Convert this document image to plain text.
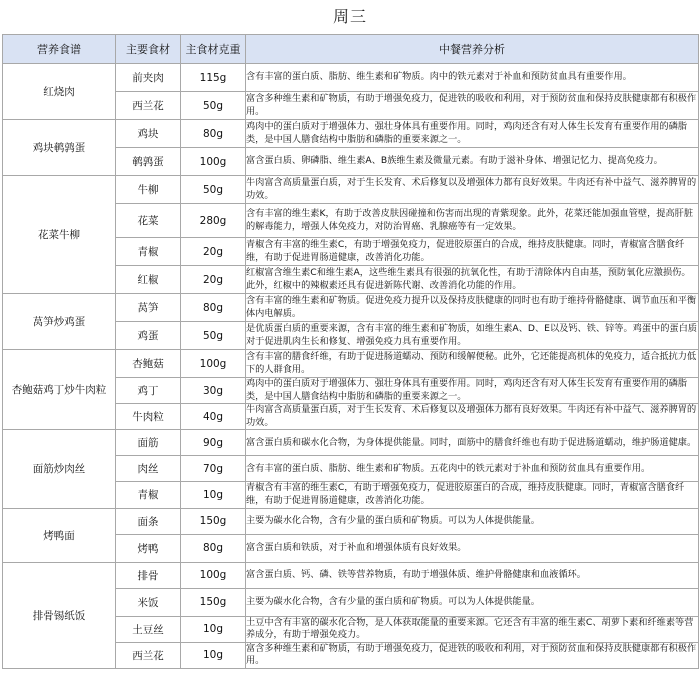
周三
营养食谱	主要食材	主食材克重	中餐营养分析
红烧肉	前夹肉	115g	含有丰富的蛋白质、脂肪、维生素和矿物质。肉中的铁元素对于补血和预防贫血具有重要作用。
	西兰花	50g	富含多种维生素和矿物质，有助于增强免疫力，促进铁的吸收和利用，对于预防贫血和保持皮肤健康都有积极作用。
鸡块鹌鹑蛋	鸡块	80g	鸡肉中的蛋白质对于增强体力、强壮身体具有重要作用。同时，鸡肉还含有对人体生长发育有重要作用的磷脂类，是中国人膳食结构中脂肪和磷脂的重要来源之一。
	鹌鹑蛋	100g	富含蛋白质、卵磷脂、维生素A、B族维生素及微量元素。有助于滋补身体、增强记忆力、提高免疫力。
花菜牛柳	牛柳	50g	牛肉富含高质量蛋白质，对于生长发育、术后修复以及增强体力都有良好效果。牛肉还有补中益气、滋养脾胃的功效。
	花菜	280g	含有丰富的维生素K，有助于改善皮肤因碰撞和伤害而出现的青紫现象。此外，花菜还能加强血管壁，提高肝脏的解毒能力，增强人体免疫力，对防治胃癌、乳腺癌等有一定效果。
	青椒	20g	青椒含有丰富的维生素C，有助于增强免疫力，促进胶原蛋白的合成，维持皮肤健康。同时，青椒富含膳食纤维，有助于促进胃肠道健康，改善消化功能。
	红椒	20g	红椒富含维生素C和维生素A，这些维生素具有很强的抗氧化性，有助于清除体内自由基，预防氧化应激损伤。此外，红椒中的辣椒素还具有促进新陈代谢、改善消化功能的作用。
莴笋炒鸡蛋	莴笋	80g	含有丰富的维生素和矿物质。促进免疫力提升以及保持皮肤健康的同时也有助于维持骨骼健康、调节血压和平衡体内电解质。
	鸡蛋	50g	是优质蛋白质的重要来源，含有丰富的维生素和矿物质，如维生素A、D、E以及钙、铁、锌等。鸡蛋中的蛋白质对于促进肌肉生长和修复、增强免疫力具有重要作用。
杏鲍菇鸡丁炒牛肉粒	杏鲍菇	100g	含有丰富的膳食纤维，有助于促进肠道蠕动、预防和缓解便秘。此外，它还能提高机体的免疫力，适合抵抗力低下的人群食用。
	鸡丁	30g	鸡肉中的蛋白质对于增强体力、强壮身体具有重要作用。同时，鸡肉还含有对人体生长发育有重要作用的磷脂类，是中国人膳食结构中脂肪和磷脂的重要来源之一。
	牛肉粒	40g	牛肉富含高质量蛋白质，对于生长发育、术后修复以及增强体力都有良好效果。牛肉还有补中益气、滋养脾胃的功效。
面筋炒肉丝	面筋	90g	富含蛋白质和碳水化合物，为身体提供能量。同时，面筋中的膳食纤维也有助于促进肠道蠕动，维护肠道健康。
	肉丝	70g	含有丰富的蛋白质、脂肪、维生素和矿物质。五花肉中的铁元素对于补血和预防贫血具有重要作用。
	青椒	10g	青椒含有丰富的维生素C，有助于增强免疫力，促进胶原蛋白的合成，维持皮肤健康。同时，青椒富含膳食纤维，有助于促进胃肠道健康，改善消化功能。
烤鸭面	面条	150g	主要为碳水化合物，含有少量的蛋白质和矿物质。可以为人体提供能量。
	烤鸭	80g	富含蛋白质和铁质，对于补血和增强体质有良好效果。
排骨锡纸饭	排骨	100g	富含蛋白质、钙、磷、铁等营养物质，有助于增强体质、维护骨骼健康和血液循环。
	米饭	150g	主要为碳水化合物，含有少量的蛋白质和矿物质。可以为人体提供能量。
	土豆丝	10g	土豆中含有丰富的碳水化合物，是人体获取能量的重要来源。它还含有丰富的维生素C、胡萝卜素和纤维素等营养成分，有助于增强免疫力。
	西兰花	10g	富含多种维生素和矿物质，有助于增强免疫力，促进铁的吸收和利用，对于预防贫血和保持皮肤健康都有积极作用。
